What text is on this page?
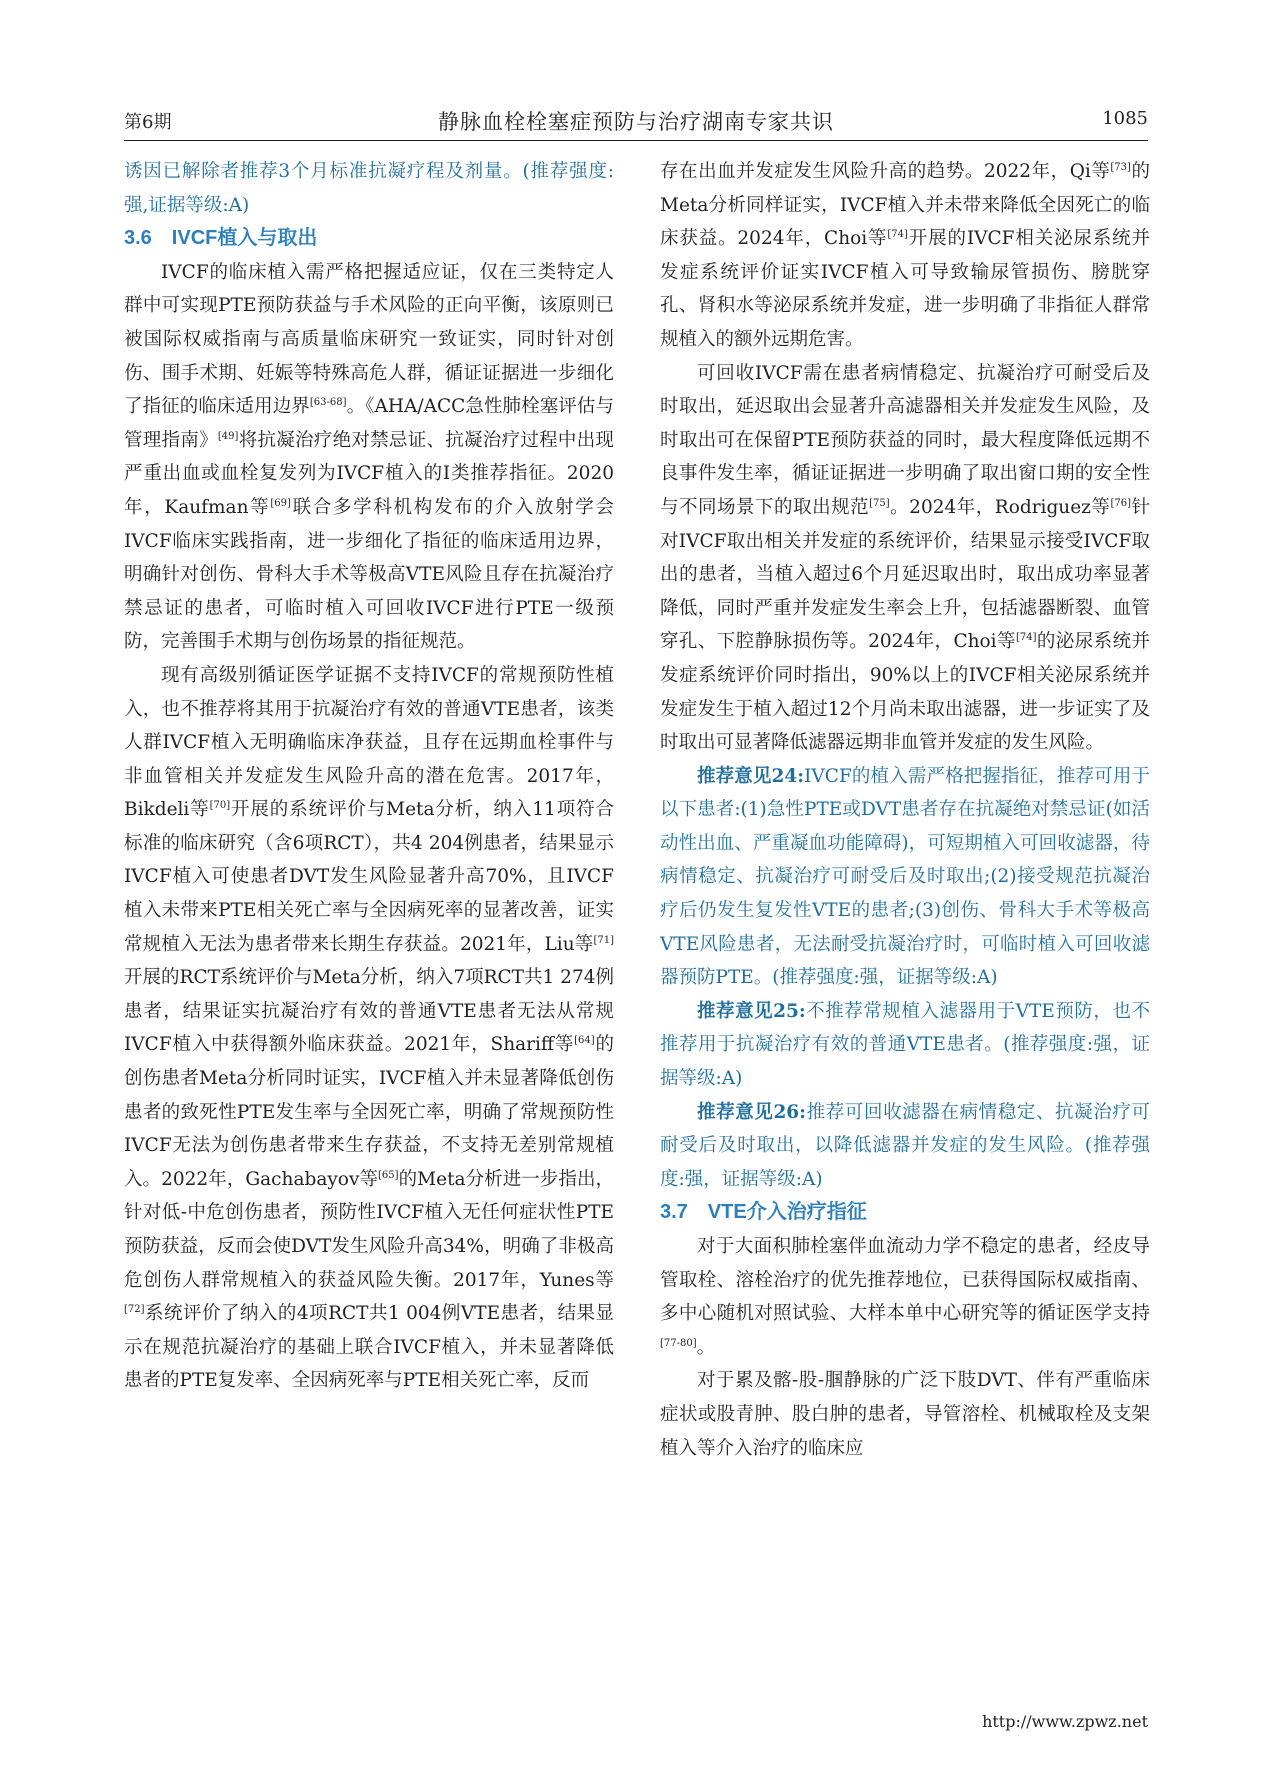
第6期	静脉血栓栓塞症预防与治疗湖南专家共识	1085

诱因已解除者推荐3个月标准抗凝疗程及剂量。(推荐强度:强,证据等级:A)

3.6　IVCF植入与取出

IVCF的临床植入需严格把握适应证，仅在三类特定人群中可实现PTE预防获益与手术风险的正向平衡，该原则已被国际权威指南与高质量临床研究一致证实，同时针对创伤、围手术期、妊娠等特殊高危人群，循证证据进一步细化了指征的临床适用边界[63-68]。《AHA/ACC急性肺栓塞评估与管理指南》[49]将抗凝治疗绝对禁忌证、抗凝治疗过程中出现严重出血或血栓复发列为IVCF植入的I类推荐指征。2020年，Kaufman等[69]联合多学科机构发布的介入放射学会IVCF临床实践指南，进一步细化了指征的临床适用边界，明确针对创伤、骨科大手术等极高VTE风险且存在抗凝治疗禁忌证的患者，可临时植入可回收IVCF进行PTE一级预防，完善围手术期与创伤场景的指征规范。

现有高级别循证医学证据不支持IVCF的常规预防性植入，也不推荐将其用于抗凝治疗有效的普通VTE患者，该类人群IVCF植入无明确临床净获益，且存在远期血栓事件与非血管相关并发症发生风险升高的潜在危害。2017年，Bikdeli等[70]开展的系统评价与Meta分析，纳入11项符合标准的临床研究（含6项RCT），共4 204例患者，结果显示IVCF植入可使患者DVT发生风险显著升高70%，且IVCF植入未带来PTE相关死亡率与全因病死率的显著改善，证实常规植入无法为患者带来长期生存获益。2021年，Liu等[71]开展的RCT系统评价与Meta分析，纳入7项RCT共1 274例患者，结果证实抗凝治疗有效的普通VTE患者无法从常规IVCF植入中获得额外临床获益。2021年，Shariff等[64]的创伤患者Meta分析同时证实，IVCF植入并未显著降低创伤患者的致死性PTE发生率与全因死亡率，明确了常规预防性IVCF无法为创伤患者带来生存获益，不支持无差别常规植入。2022年，Gachabayov等[65]的Meta分析进一步指出，针对低-中危创伤患者，预防性IVCF植入无任何症状性PTE预防获益，反而会使DVT发生风险升高34%，明确了非极高危创伤人群常规植入的获益风险失衡。2017年，Yunes等[72]系统评价了纳入的4项RCT共1 004例VTE患者，结果显示在规范抗凝治疗的基础上联合IVCF植入，并未显著降低患者的PTE复发率、全因病死率与PTE相关死亡率，反而

存在出血并发症发生风险升高的趋势。2022年，Qi等[73]的Meta分析同样证实，IVCF植入并未带来降低全因死亡的临床获益。2024年，Choi等[74]开展的IVCF相关泌尿系统并发症系统评价证实IVCF植入可导致输尿管损伤、膀胱穿孔、肾积水等泌尿系统并发症，进一步明确了非指征人群常规植入的额外远期危害。

可回收IVCF需在患者病情稳定、抗凝治疗可耐受后及时取出，延迟取出会显著升高滤器相关并发症发生风险，及时取出可在保留PTE预防获益的同时，最大程度降低远期不良事件发生率，循证证据进一步明确了取出窗口期的安全性与不同场景下的取出规范[75]。2024年，Rodriguez等[76]针对IVCF取出相关并发症的系统评价，结果显示接受IVCF取出的患者，当植入超过6个月延迟取出时，取出成功率显著降低，同时严重并发症发生率会上升，包括滤器断裂、血管穿孔、下腔静脉损伤等。2024年，Choi等[74]的泌尿系统并发症系统评价同时指出，90%以上的IVCF相关泌尿系统并发症发生于植入超过12个月尚未取出滤器，进一步证实了及时取出可显著降低滤器远期非血管并发症的发生风险。

推荐意见24:IVCF的植入需严格把握指征，推荐可用于以下患者:(1)急性PTE或DVT患者存在抗凝绝对禁忌证(如活动性出血、严重凝血功能障碍)，可短期植入可回收滤器，待病情稳定、抗凝治疗可耐受后及时取出;(2)接受规范抗凝治疗后仍发生复发性VTE的患者;(3)创伤、骨科大手术等极高VTE风险患者，无法耐受抗凝治疗时，可临时植入可回收滤器预防PTE。(推荐强度:强，证据等级:A)

推荐意见25:不推荐常规植入滤器用于VTE预防，也不推荐用于抗凝治疗有效的普通VTE患者。(推荐强度:强，证据等级:A)

推荐意见26:推荐可回收滤器在病情稳定、抗凝治疗可耐受后及时取出，以降低滤器并发症的发生风险。(推荐强度:强，证据等级:A)

3.7　VTE介入治疗指征

对于大面积肺栓塞伴血流动力学不稳定的患者，经皮导管取栓、溶栓治疗的优先推荐地位，已获得国际权威指南、多中心随机对照试验、大样本单中心研究等的循证医学支持[77-80]。

对于累及髂-股-腘静脉的广泛下肢DVT、伴有严重临床症状或股青肿、股白肿的患者，导管溶栓、机械取栓及支架植入等介入治疗的临床应

http://www.zpwz.net
